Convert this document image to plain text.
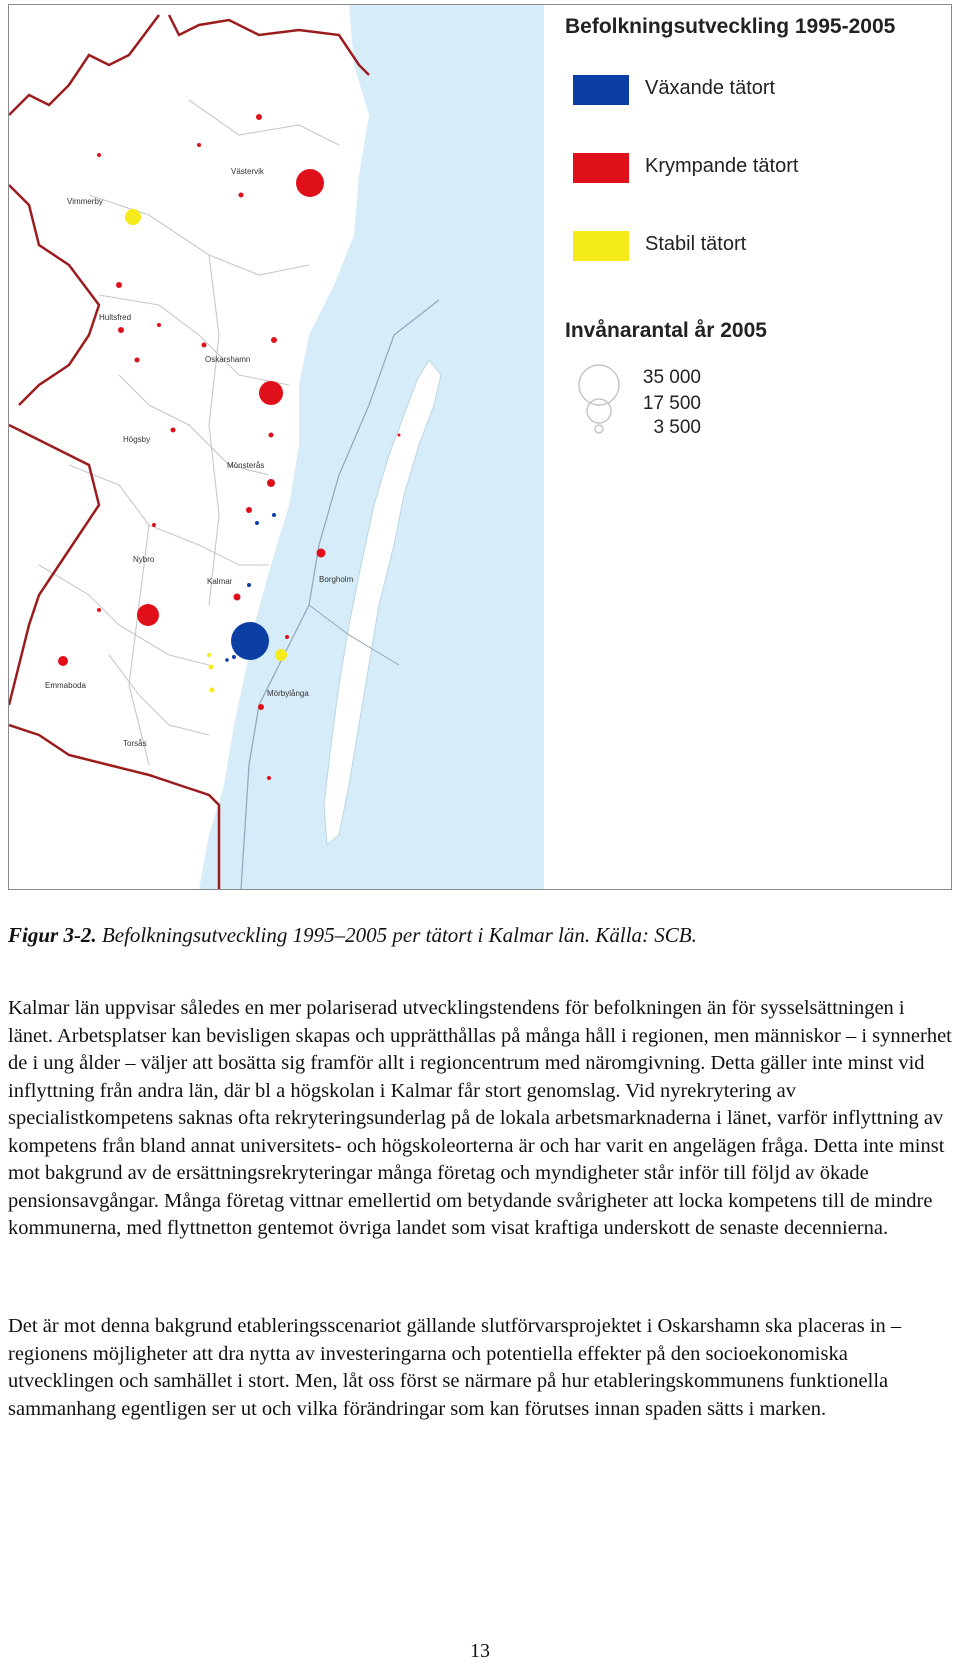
Västervik
Vimmerby
Hultsfred
Oskarshamn
Högsby
Mönsterås
Nybro
Kalmar	Borgholm
Emmaboda
Mörbylånga
Torsås
Befolkningsutveckling 1995-2005
Växande tätort
Krympande tätort
Stabil tätort
Invånarantal år 2005
35 000
17 500
3 500
Figur 3-2. Befolkningsutveckling 1995–2005 per tätort i Kalmar län. Källa: SCB.

Kalmar län uppvisar således en mer polariserad utvecklingstendens för befolkningen än för sysselsättningen i länet. Arbetsplatser kan bevisligen skapas och upprätthållas på många håll i regionen, men människor – i synnerhet de i ung ålder – väljer att bosätta sig framför allt i regioncentrum med näromgivning. Detta gäller inte minst vid inflyttning från andra län, där bl a högskolan i Kalmar får stort genomslag. Vid nyrekrytering av specialistkompetens saknas ofta rekryteringsunderlag på de lokala arbetsmarknaderna i länet, varför inflyttning av kompetens från bland annat universitets- och högskoleorterna är och har varit en angelägen fråga. Detta inte minst mot bakgrund av de ersättningsrekryteringar många företag och myndigheter står inför till följd av ökade pensionsavgångar. Många företag vittnar emellertid om betydande svårigheter att locka kompetens till de mindre kommunerna, med flyttnetton gentemot övriga landet som visat kraftiga underskott de senaste decennierna.

Det är mot denna bakgrund etableringsscenariot gällande slutförvarsprojektet i Oskarshamn ska placeras in – regionens möjligheter att dra nytta av investeringarna och potentiella effekter på den socioekonomiska utvecklingen och samhället i stort. Men, låt oss först se närmare på hur etableringskommunens funktionella sammanhang egentligen ser ut och vilka förändringar som kan förutses innan spaden sätts i marken.

13
